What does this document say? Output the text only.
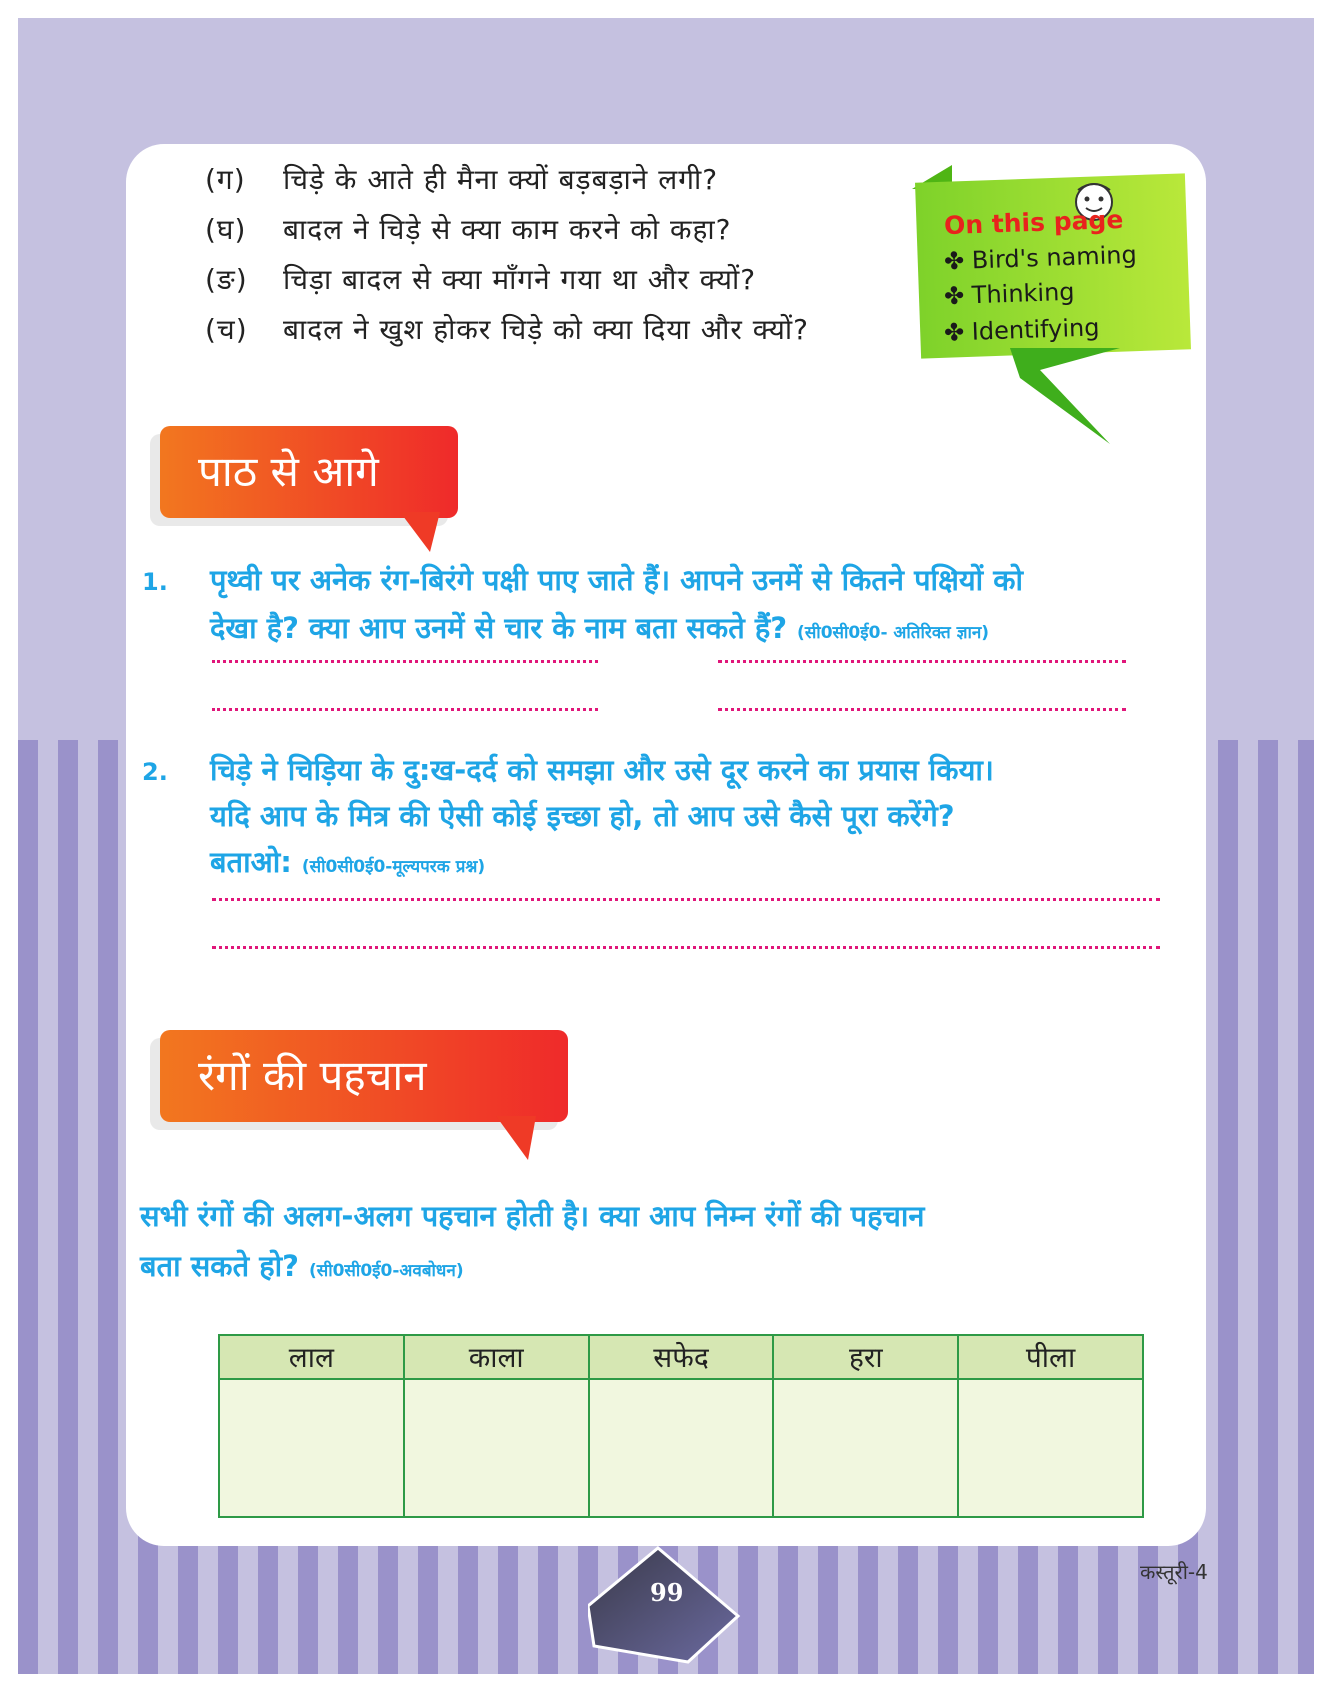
(ग) चिड़े के आते ही मैना क्यों बड़बड़ाने लगी?
(घ) बादल ने चिड़े से क्या काम करने को कहा?
(ङ) चिड़ा बादल से क्या माँगने गया था और क्यों?
(च) बादल ने खुश होकर चिड़े को क्या दिया और क्यों?
On this page
✤ Bird's naming
✤ Thinking
✤ Identifying
पाठ से आगे
1. पृथ्वी पर अनेक रंग-बिरंगे पक्षी पाए जाते हैं। आपने उनमें से कितने पक्षियों को
देखा है? क्या आप उनमें से चार के नाम बता सकते हैं? (सी0सी0ई0- अतिरिक्त ज्ञान)
2. चिड़े ने चिड़िया के दु:ख-दर्द को समझा और उसे दूर करने का प्रयास किया।
यदि आप के मित्र की ऐसी कोई इच्छा हो, तो आप उसे कैसे पूरा करेंगे?
बताओ: (सी0सी0ई0-मूल्यपरक प्रश्न)
रंगों की पहचान
सभी रंगों की अलग-अलग पहचान होती है। क्या आप निम्न रंगों की पहचान
बता सकते हो? (सी0सी0ई0-अवबोधन)
लाल	काला	सफेद	हरा	पीला

99
कस्तूरी-4
